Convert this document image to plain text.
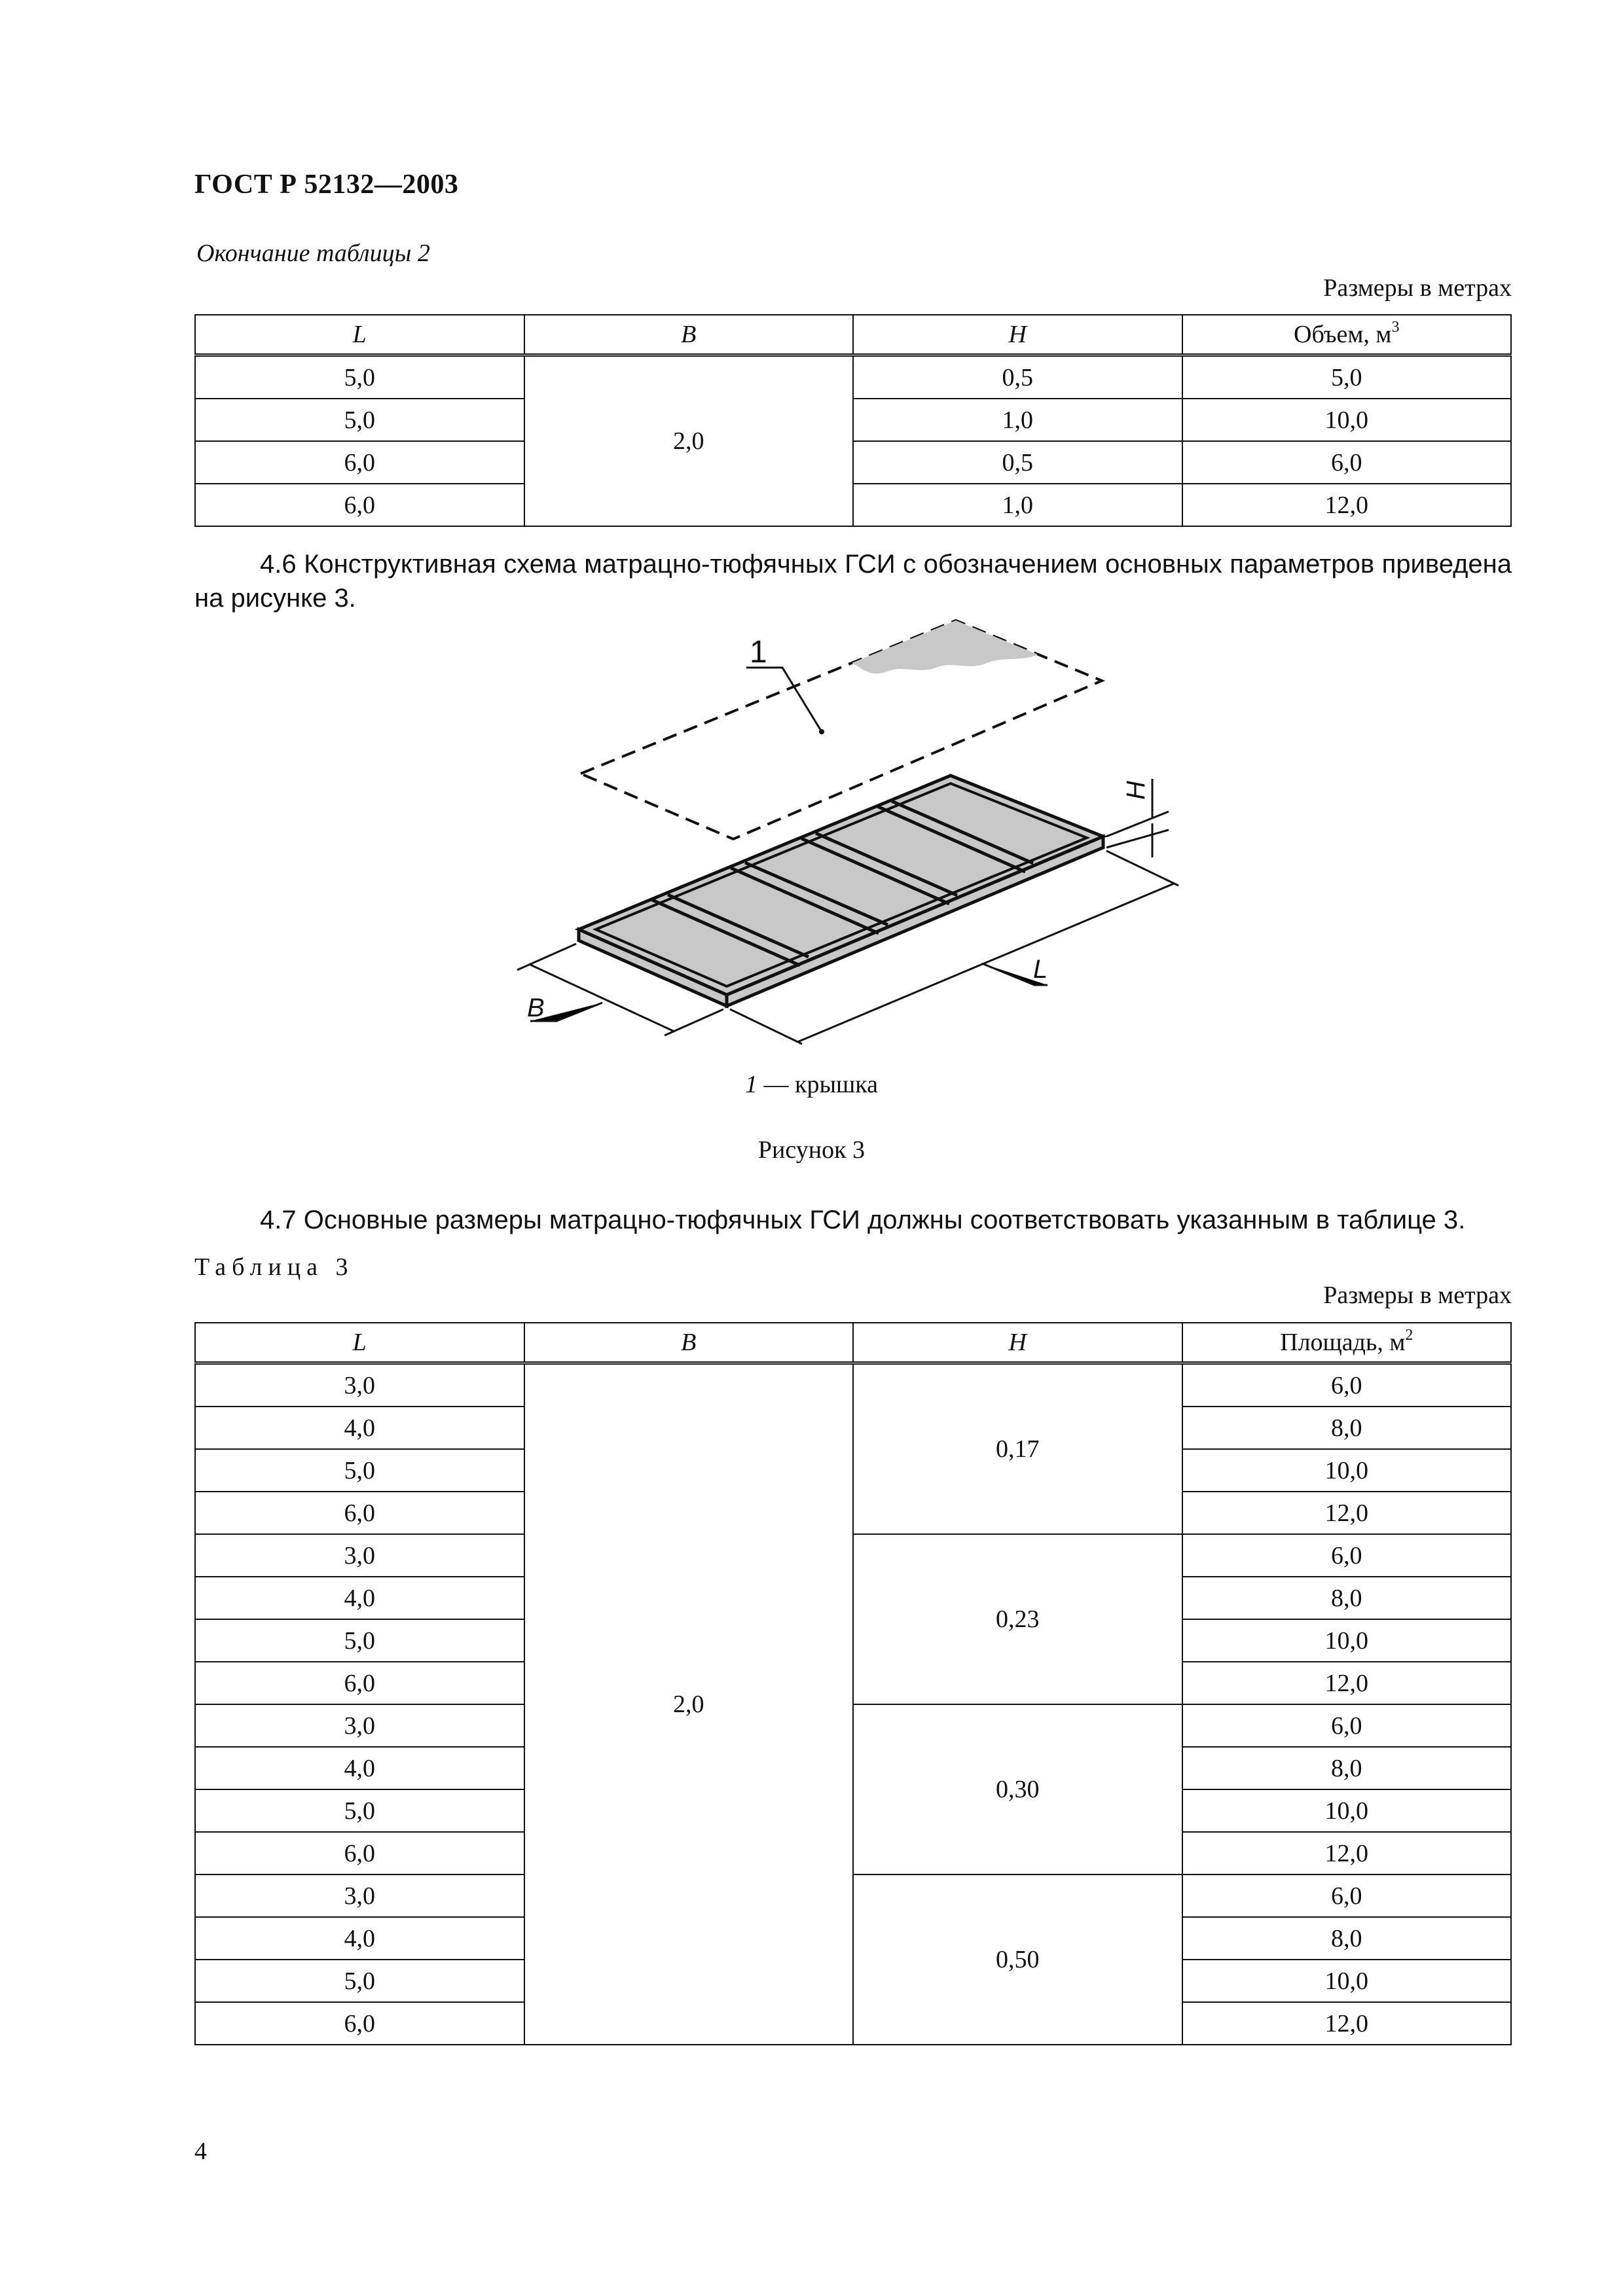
ГОСТ Р 52132—2003
Окончание таблицы 2
Размеры в метрах
L	B	H	Объем, $м^3$
5,0	2,0	0,5	5,0
5,0		1,0	10,0
6,0		0,5	6,0
6,0		1,0	12,0
4.6 Конструктивная схема матрацно-тюфячных ГСИ с обозначением основных параметров приведена на рисунке 3.
1
H
L
B
1 — крышка
Рисунок 3
4.7 Основные размеры матрацно-тюфячных ГСИ должны соответствовать указанным в таблице 3.
Таблица 3
Размеры в метрах
L	B	H	Площадь, $м^2$
3,0	2,0	0,17	6,0
4,0			8,0
5,0			10,0
6,0			12,0
3,0		0,23	6,0
4,0			8,0
5,0			10,0
6,0			12,0
3,0		0,30	6,0
4,0			8,0
5,0			10,0
6,0			12,0
3,0		0,50	6,0
4,0			8,0
5,0			10,0
6,0			12,0
4
